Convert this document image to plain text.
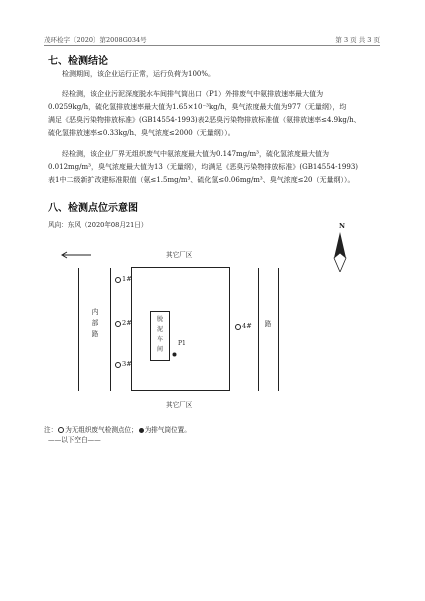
茂环检字〔2020〕第2008G034号	第 3 页 共 3 页
七、检测结论
检测期间，该企业运行正常，运行负荷为100%。
经检测，该企业污泥深度脱水车间排气筒出口（P1）外排废气中氨排放速率最大值为
0.0259kg/h，硫化氢排放速率最大值为1.65×10⁻³kg/h，臭气浓度最大值为977（无量纲），均
满足《恶臭污染物排放标准》(GB14554-1993)表2恶臭污染物排放标准值（氨排放速率≤4.9kg/h、
硫化氢排放速率≤0.33kg/h、臭气浓度≤2000（无量纲））。
经检测，该企业厂界无组织废气中氨浓度最大值为0.147mg/m³，硫化氢浓度最大值为
0.012mg/m³，臭气浓度最大值为13（无量纲），均满足《恶臭污染物排放标准》(GB14554-1993)
表1中二级新扩改建标准限值（氨≤1.5mg/m³、硫化氢≤0.06mg/m³、臭气浓度≤20（无量纲））。
八、检测点位示意图
风向：东风（2020年08月21日）	N
其它厂区
其它厂区
内部路
路
脱泥车间
P1
1#
2#
3#
4#
注： 为无组织废气检测点位； 为排气筒位置。
——以下空白——
